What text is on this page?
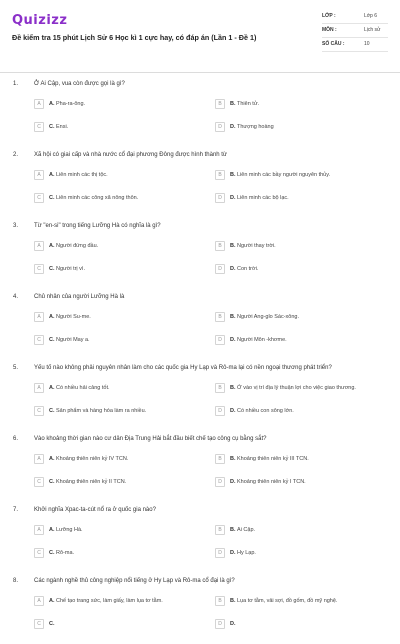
Quizizz
Đề kiểm tra 15 phút Lịch Sử 6 Học kì 1 cực hay, có đáp án (Lần 1 - Đề 1)
LỚP :	Lớp 6
MÔN :	Lịch sử
SỐ CÂU :	10
1.	Ở Ai Cập, vua còn được gọi là gì?
A	A. Pha-ra-ông.	B	B. Thiên tử.
C	C. Ensi.	D	D. Thượng hoàng
2.	Xã hội có giai cấp và nhà nước cổ đại phương Đông được hình thành từ
A	A. Liên minh các thị tộc.	B	B. Liên minh các bầy người nguyên thủy.
C	C. Liên minh các công xã nông thôn.	D	D. Liên minh các bộ lạc.
3.	Từ "en-si" trong tiếng Lưỡng Hà có nghĩa là gì?
A	A. Người đứng đầu.	B	B. Người thay trời.
C	C. Người trị vì.	D	D. Con trời.
4.	Chủ nhân của người Lưỡng Hà là
A	A. Người Su-me.	B	B. Người Ang-glo Sác-xông.
C	C. Người May a.	D	D. Người Môn -khơme.
5.	Yếu tố nào không phải nguyên nhân làm cho các quốc gia Hy Lạp và Rô-ma lại có nền ngoại thương phát triển?
A	A. Có nhiều hải cảng tốt.	B	B. Ở vào vị trí địa lý thuận lợi cho việc giao thương.
C	C. Sản phẩm và hàng hóa làm ra nhiều.	D	D. Có nhiều con sông lớn.
6.	Vào khoảng thời gian nào cư dân Địa Trung Hải bắt đầu biết chế tạo công cụ bằng sắt?
A	A. Khoảng thiên niên kỷ IV TCN.	B	B. Khoảng thiên niên kỷ III TCN.
C	C. Khoảng thiên niên kỷ II TCN.	D	D. Khoảng thiên niên kỷ I TCN.
7.	Khởi nghĩa Xpac-ta-cút nổ ra ở quốc gia nào?
A	A. Lưỡng Hà.	B	B. Ai Cập.
C	C. Rô-ma.	D	D. Hy Lạp.
8.	Các ngành nghề thủ công nghiệp nổi tiếng ở Hy Lạp và Rô-ma cổ đại là gì?
A	A. Chế tạo trang sức, làm giấy, làm lụa tơ tằm.	B	B. Lụa tơ tằm, vải sợi, đồ gốm, đồ mỹ nghệ.
C	C.	D	D.
